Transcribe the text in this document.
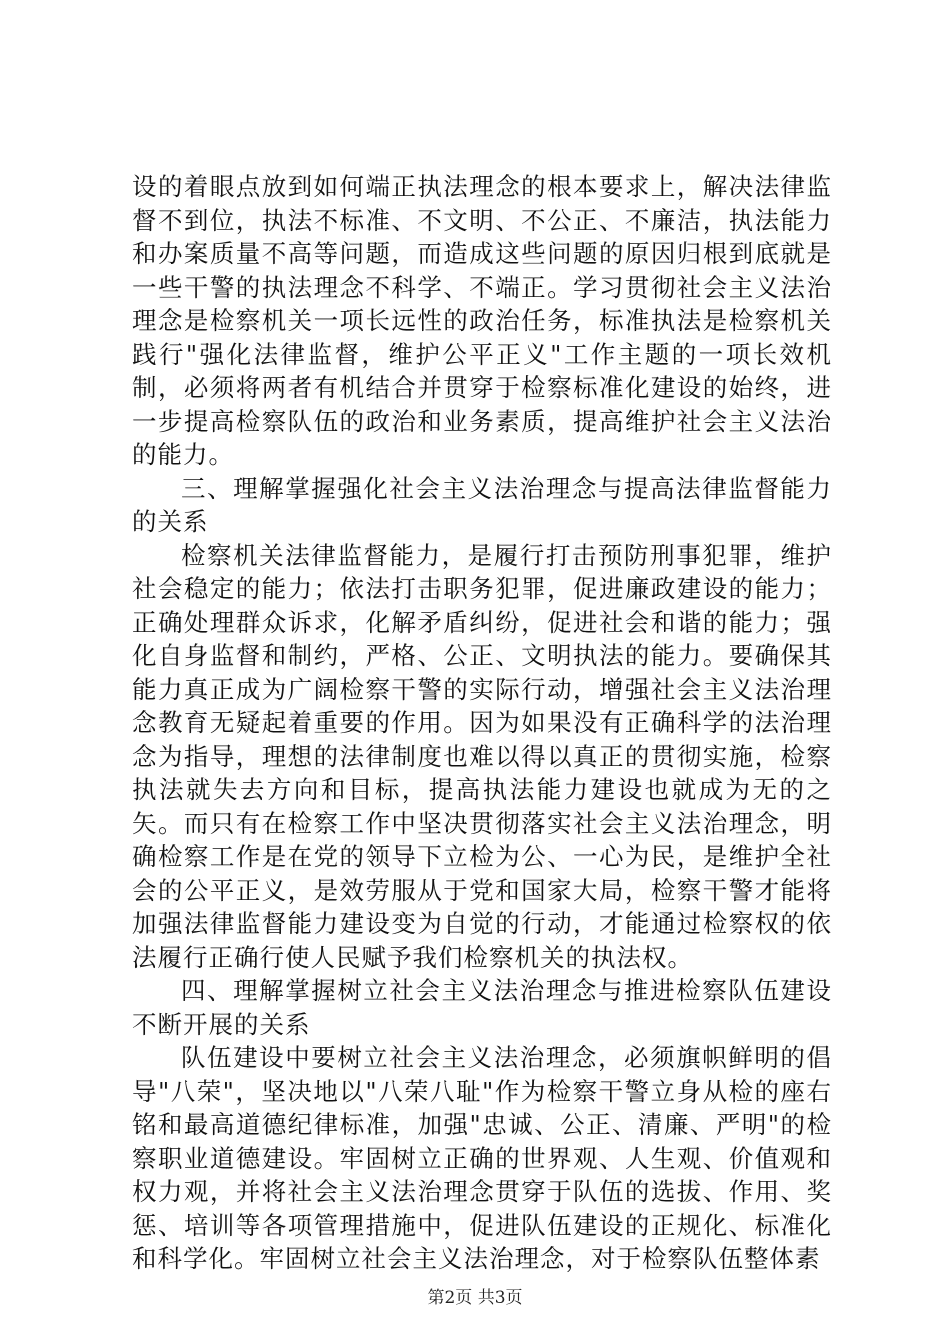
设的着眼点放到如何端正执法理念的根本要求上，解决法律监督不到位，执法不标准、不文明、不公正、不廉洁，执法能力和办案质量不高等问题，而造成这些问题的原因归根到底就是一些干警的执法理念不科学、不端正。学习贯彻社会主义法治理念是检察机关一项长远性的政治任务，标准执法是检察机关践行"强化法律监督，维护公平正义"工作主题的一项长效机制，必须将两者有机结合并贯穿于检察标准化建设的始终，进一步提高检察队伍的政治和业务素质，提高维护社会主义法治的能力。

三、理解掌握强化社会主义法治理念与提高法律监督能力的关系

检察机关法律监督能力，是履行打击预防刑事犯罪，维护社会稳定的能力；依法打击职务犯罪，促进廉政建设的能力；正确处理群众诉求，化解矛盾纠纷，促进社会和谐的能力；强化自身监督和制约，严格、公正、文明执法的能力。要确保其能力真正成为广阔检察干警的实际行动，增强社会主义法治理念教育无疑起着重要的作用。因为如果没有正确科学的法治理念为指导，理想的法律制度也难以得以真正的贯彻实施，检察执法就失去方向和目标，提高执法能力建设也就成为无的之矢。而只有在检察工作中坚决贯彻落实社会主义法治理念，明确检察工作是在党的领导下立检为公、一心为民，是维护全社会的公平正义，是效劳服从于党和国家大局，检察干警才能将加强法律监督能力建设变为自觉的行动，才能通过检察权的依法履行正确行使人民赋予我们检察机关的执法权。

四、理解掌握树立社会主义法治理念与推进检察队伍建设不断开展的关系

队伍建设中要树立社会主义法治理念，必须旗帜鲜明的倡导"八荣"，坚决地以"八荣八耻"作为检察干警立身从检的座右铭和最高道德纪律标准，加强"忠诚、公正、清廉、严明"的检察职业道德建设。牢固树立正确的世界观、人生观、价值观和权力观，并将社会主义法治理念贯穿于队伍的选拔、作用、奖惩、培训等各项管理措施中，促进队伍建设的正规化、标准化和科学化。牢固树立社会主义法治理念，对于检察队伍整体素

第2页 共3页
